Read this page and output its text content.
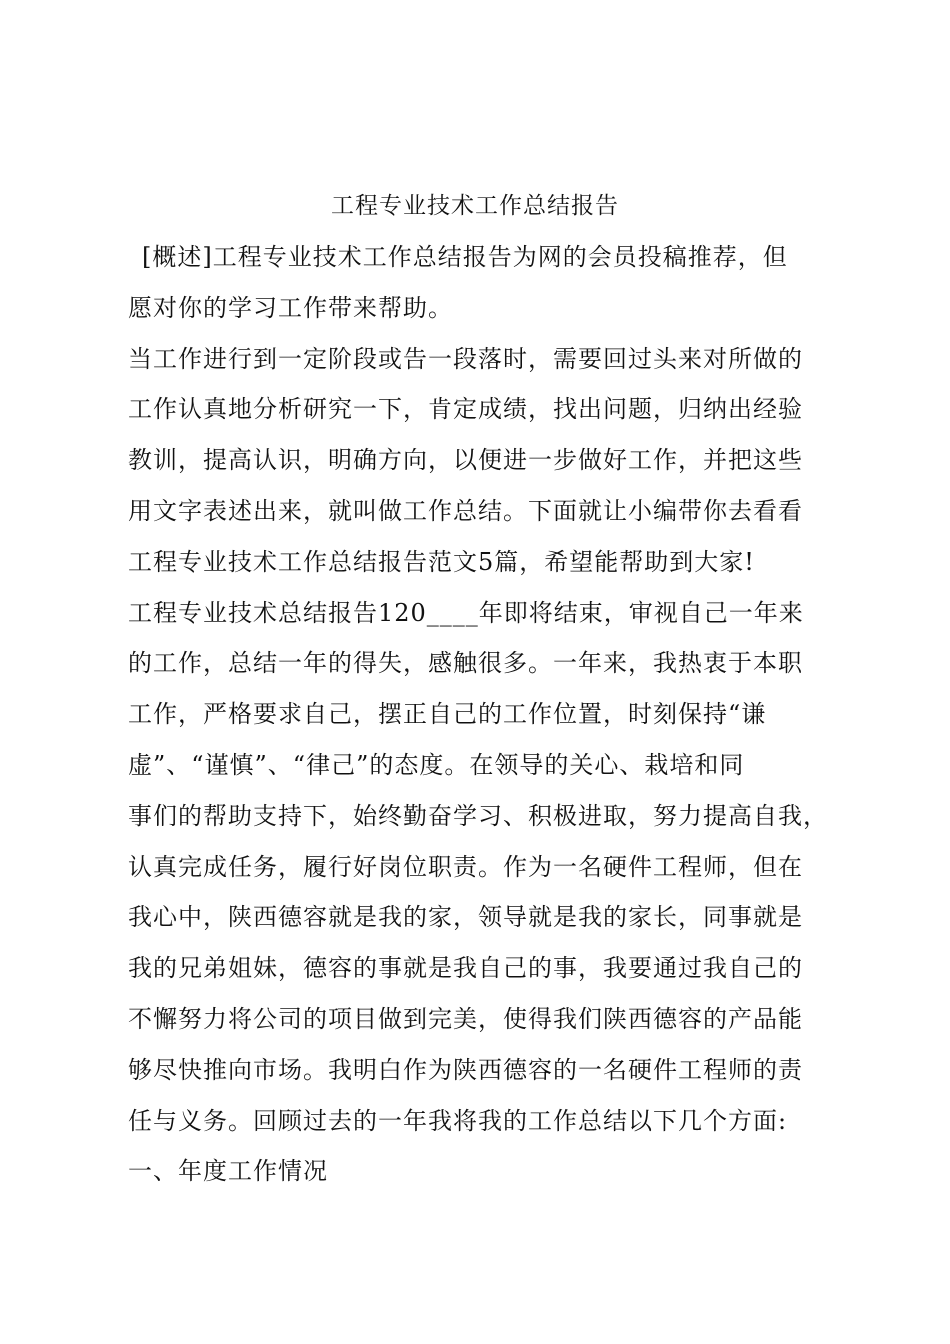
工程专业技术工作总结报告
[概述]工程专业技术工作总结报告为网的会员投稿推荐，但
愿对你的学习工作带来帮助。
当工作进行到一定阶段或告一段落时，需要回过头来对所做的
工作认真地分析研究一下，肯定成绩，找出问题，归纳出经验
教训，提高认识，明确方向，以便进一步做好工作，并把这些
用文字表述出来，就叫做工作总结。下面就让小编带你去看看
工程专业技术工作总结报告范文5篇，希望能帮助到大家!
工程专业技术总结报告120____年即将结束，审视自己一年来
的工作，总结一年的得失，感触很多。一年来，我热衷于本职
工作，严格要求自己，摆正自己的工作位置，时刻保持“谦
虚”、“谨慎”、“律己”的态度。在领导的关心、栽培和同
事们的帮助支持下，始终勤奋学习、积极进取，努力提高自我，
认真完成任务，履行好岗位职责。作为一名硬件工程师，但在
我心中，陕西德容就是我的家，领导就是我的家长，同事就是
我的兄弟姐妹，德容的事就是我自己的事，我要通过我自己的
不懈努力将公司的项目做到完美，使得我们陕西德容的产品能
够尽快推向市场。我明白作为陕西德容的一名硬件工程师的责
任与义务。回顾过去的一年我将我的工作总结以下几个方面:
一、年度工作情况
